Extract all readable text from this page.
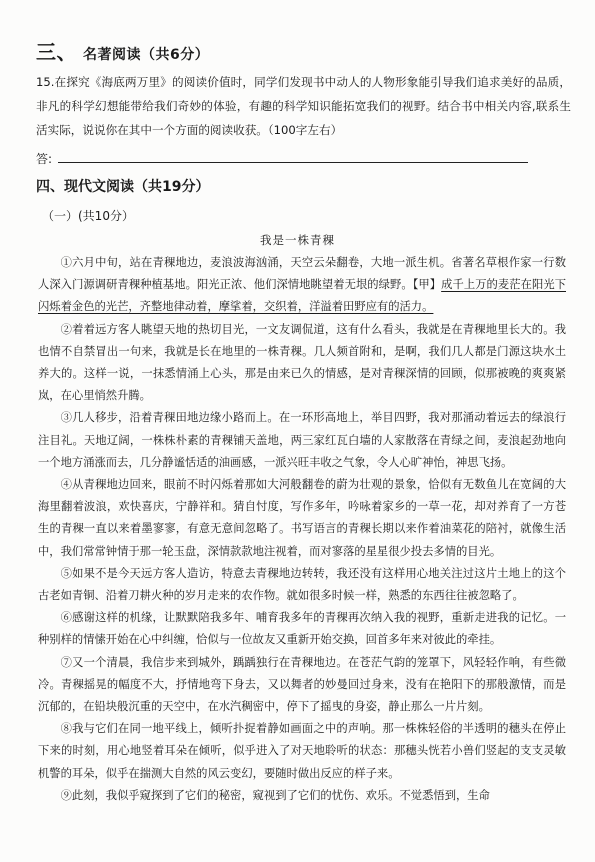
三、 名著阅读（共6分）
15.在探究《海底两万里》的阅读价值时，同学们发现书中动人的人物形象能引导我们追求美好的品质，非凡的科学幻想能带给我们奇妙的体验，有趣的科学知识能拓宽我们的视野。结合书中相关内容,联系生活实际，说说你在其中一个方面的阅读收获。（100字左右）
答:
四、现代文阅读（共19分）
（一）(共10分）
我是一株青稞

①六月中旬，站在青稞地边，麦浪波海汹涌，天空云朵翻卷，大地一派生机。省著名草根作家一行数人深入门源调研青稞种植基地。阳光正浓、他们深情地眺望着无垠的绿野。【甲】成千上万的麦茫在阳光下闪烁着金色的光芒，齐整地律动着，摩挲着，交织着，洋溢着田野应有的活力。

②着着远方客人眺望天地的热切目光，一文友调侃道，这有什么看头，我就是在青稞地里长大的。我也情不自禁冒出一句来，我就是长在地里的一株青稞。几人频首附和，是啊，我们几人都是门源这块水土养大的。这样一说，一抹悉情涌上心头，那是由来已久的情感，是对青稞深情的回顾，似那被晚的爽爽紧岚，在心里悄然升腾。

③几人移步，沿着青稞田地边缘小路而上。在一环形高地上，举目四野，我对那涌动着远去的绿浪行注目礼。天地辽阔，一株株朴素的青稞铺天盖地，两三家红瓦白墙的人家散落在青绿之间，麦浪起劲地向一个地方涌涨而去，几分静谧恬适的油画感，一派兴旺丰收之气象，令人心旷神怡，神思飞扬。

④从青稞地边回来，眼前不时闪烁着那如大河般翻卷的蔚为壮观的景象，恰似有无数鱼儿在宽阔的大海里翻着波浪，欢快喜庆，宁静祥和。猜自忖度，写作多年，吟咏着家乡的一草一花，却对养育了一方苍生的青稞一直以来着墨寥寥，有意无意间忽略了。书写语言的青稞长期以来作着油菜花的陪衬，就像生活中，我们常常钟情于那一轮玉盘，深情款款地注视着，而对寥落的星星很少投去多情的目光。

⑤如果不是今天远方客人造访，特意去青稞地边转转，我还没有这样用心地关注过这片土地上的这个古老如青铜、沿着刀耕火种的岁月走来的农作物。就如很多时候一样，熟悉的东西往往被忽略了。

⑥感谢这样的机缘，让默默陪我多年、哺育我多年的青稞再次纳入我的视野，重新走进我的记忆。一种别样的情愫开始在心中纠缠，恰似与一位故友又重新开始交换，回首多年来对彼此的牵挂。

⑦又一个清晨，我信步来到城外，踽踽独行在青稞地边。在苍茫气韵的笼罩下，风轻轻作响，有些微冷。青稞摇晃的幅度不大，抒情地弯下身去，又以舞者的妙曼回过身来，没有在艳阳下的那般激情，而是沉郁的，在铅块般沉重的天空中，在水汽稠密中，停下了摇曳的身姿，静止那么一片片刻。

⑧我与它们在同一地平线上，倾听扑捉着静如画面之中的声响。那一株株轻俗的半透明的穗头在停止下来的时刻，用心地竖着耳朵在倾听，似乎进入了对天地聆听的状态：那穗头恍若小兽们竖起的支支灵敏机警的耳朵，似乎在揣测大自然的风云变幻，要随时做出反应的样子来。

⑨此刻，我似乎窥探到了它们的秘密，窥视到了它们的忧伤、欢乐。不觉悉悟到，生命
